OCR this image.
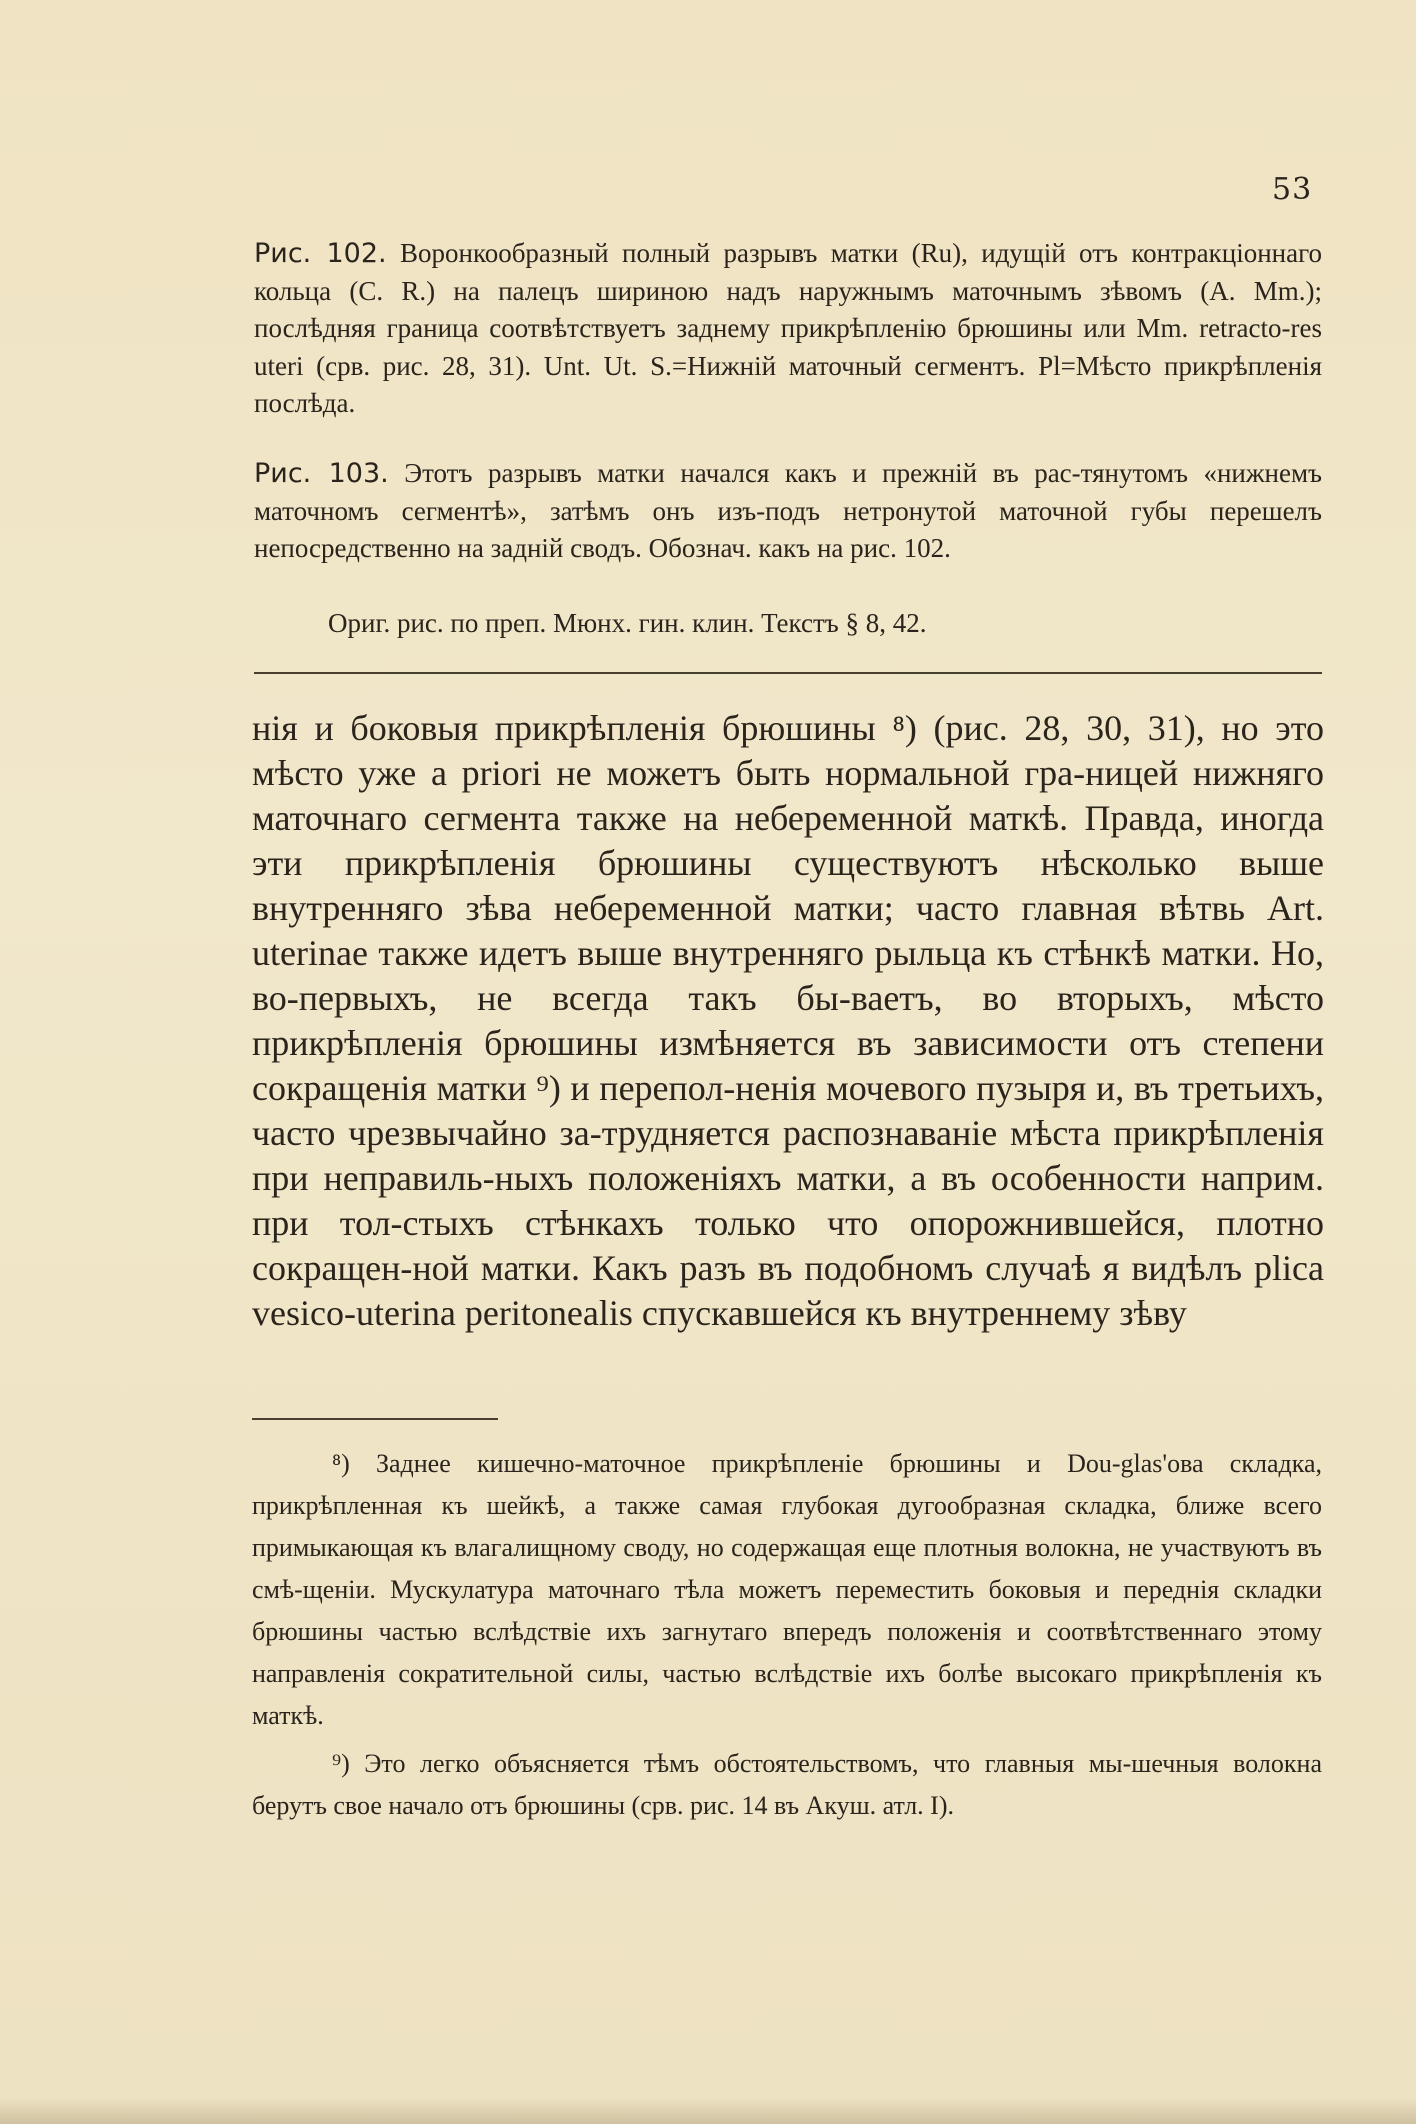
53
Рис. 102. Воронкообразный полный разрывъ матки (Ru), идущій отъ контракціоннаго кольца (С. R.) на палецъ шириною надъ наружнымъ маточнымъ зѣвомъ (А. Mm.); послѣдняя граница соотвѣтствуетъ заднему прикрѣпленію брюшины или Mm. retracto-res uteri (срв. рис. 28, 31). Unt. Ut. S.=Нижній маточный сегментъ. Pl=Мѣсто прикрѣпленія послѣда.
Рис. 103. Этотъ разрывъ матки начался какъ и прежній въ рас-тянутомъ «нижнемъ маточномъ сегментѣ», затѣмъ онъ изъ-подъ нетронутой маточной губы перешелъ непосредственно на задній сводъ. Обознач. какъ на рис. 102.
Ориг. рис. по преп. Мюнх. гин. клин. Текстъ § 8, 42.
нія и боковыя прикрѣпленія брюшины ⁸) (рис. 28, 30, 31), но это мѣсто уже а priori не можетъ быть нормальной гра-ницей нижняго маточнаго сегмента также на небеременной маткѣ. Правда, иногда эти прикрѣпленія брюшины существуютъ нѣсколько выше внутренняго зѣва небеременной матки; часто главная вѣтвь Art. uterinae также идетъ выше внутренняго рыльца къ стѣнкѣ матки. Но, во-первыхъ, не всегда такъ бы-ваетъ, во вторыхъ, мѣсто прикрѣпленія брюшины измѣняется въ зависимости отъ степени сокращенія матки ⁹) и перепол-ненія мочевого пузыря и, въ третьихъ, часто чрезвычайно за-трудняется распознаваніе мѣста прикрѣпленія при неправиль-ныхъ положеніяхъ матки, а въ особенности наприм. при тол-стыхъ стѣнкахъ только что опорожнившейся, плотно сокращен-ной матки. Какъ разъ въ подобномъ случаѣ я видѣлъ plica vesico-uterina peritonealis спускавшейся къ внутреннему зѣву

⁸) Заднее кишечно-маточное прикрѣпленіе брюшины и Dou-glas'ова складка, прикрѣпленная къ шейкѣ, а также самая глубокая дугообразная складка, ближе всего примыкающая къ влагалищному своду, но содержащая еще плотныя волокна, не участвуютъ въ смѣ-щеніи. Мускулатура маточнаго тѣла можетъ переместить боковыя и переднія складки брюшины частью вслѣдствіе ихъ загнутаго впередъ положенія и соотвѣтственнаго этому направленія сократительной силы, частью вслѣдствіе ихъ болѣе высокаго прикрѣпленія къ маткѣ.

⁹) Это легко объясняется тѣмъ обстоятельствомъ, что главныя мы-шечныя волокна берутъ свое начало отъ брюшины (срв. рис. 14 въ Акуш. атл. I).
